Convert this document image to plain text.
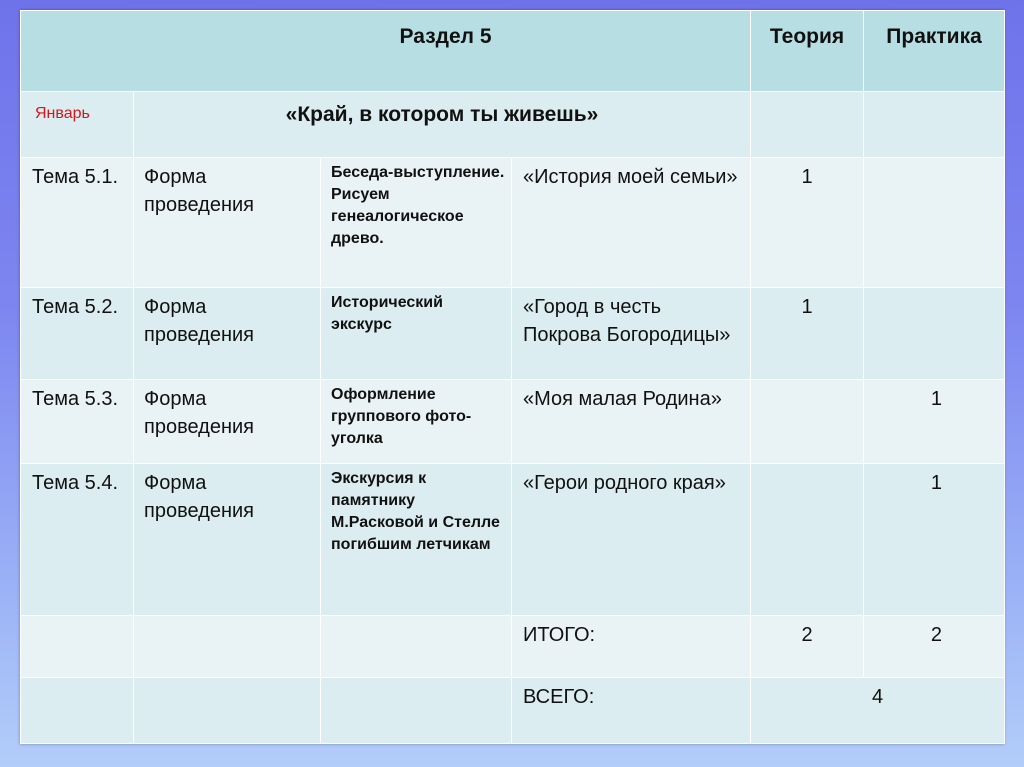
Раздел 5				Теория	Практика

Январь	«Край, в котором ты живешь»				

Тема 5.1.	Форма проведения	Беседа-выступление. Рисуем генеалогическое древо.	«История моей семьи»	1	

Тема 5.2.	Форма проведения	Исторический экскурс	«Город в честь Покрова Богородицы»	1	

Тема 5.3.	Форма проведения	Оформление группового фото-уголка	«Моя малая Родина»		1

Тема 5.4.	Форма проведения	Экскурсия к памятнику М.Расковой и Стелле погибшим летчикам	«Герои родного края»		1

			ИТОГО:	2	2

			ВСЕГО:	4	
